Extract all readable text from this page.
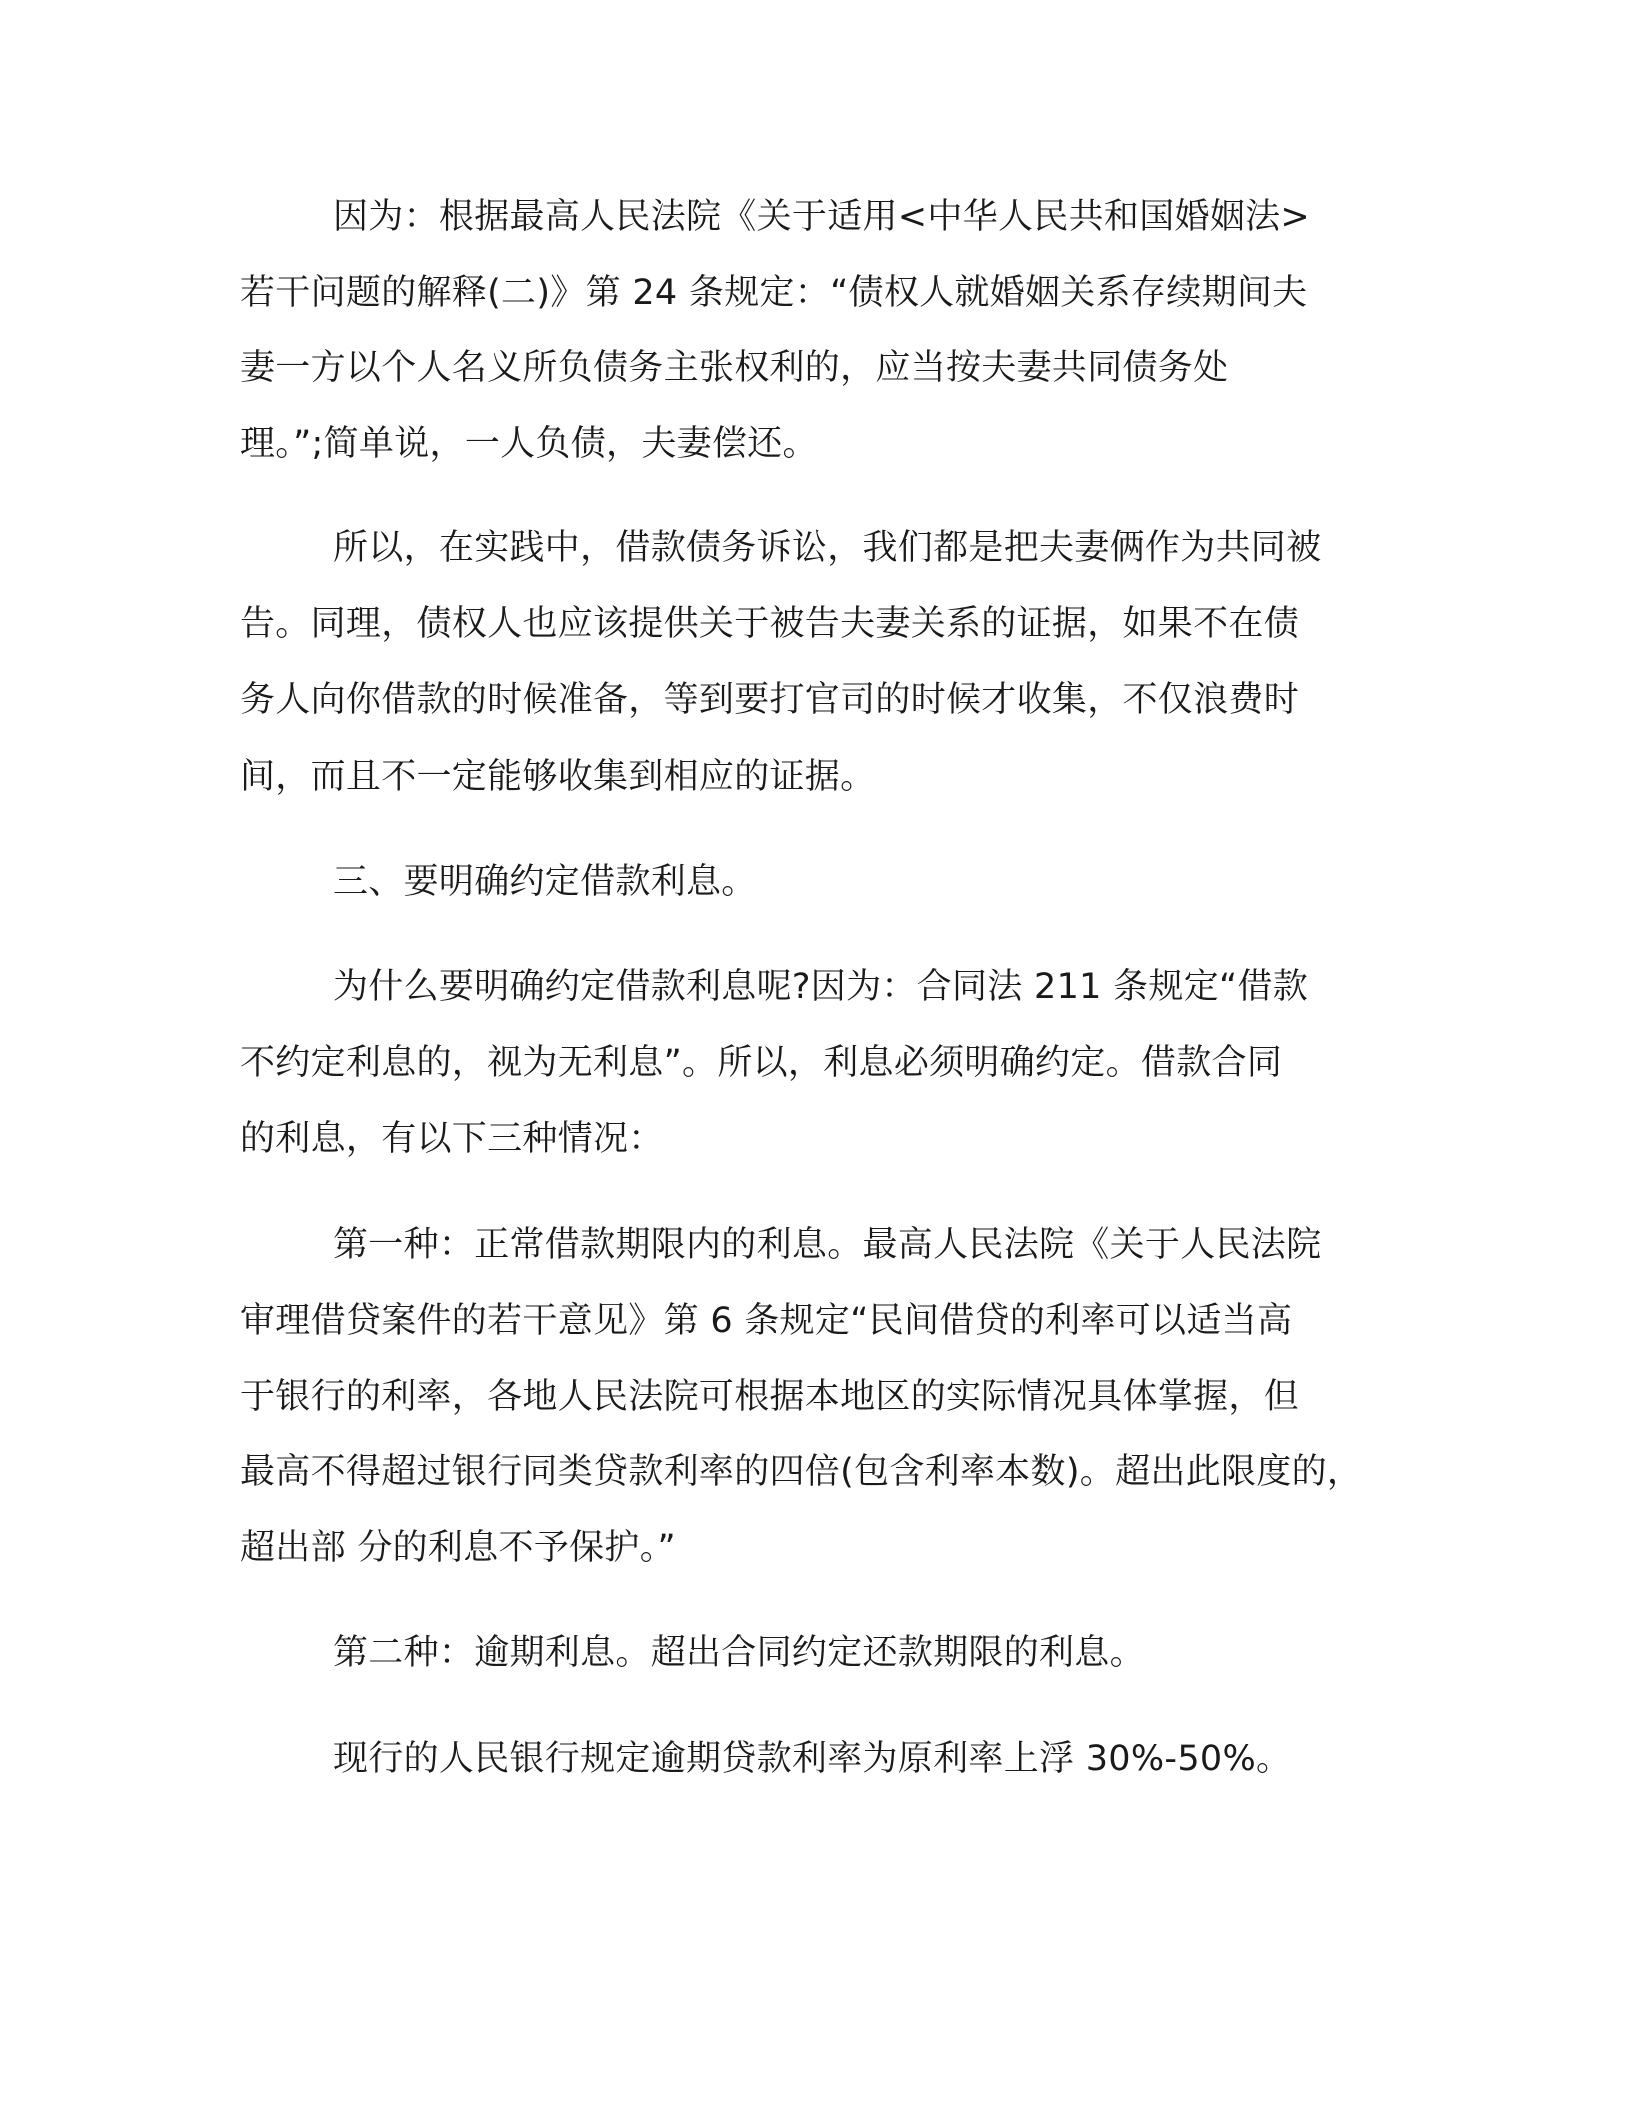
因为：根据最高人民法院《关于适用<中华人民共和国婚姻法>

若干问题的解释(二)》第 24 条规定：“债权人就婚姻关系存续期间夫

妻一方以个人名义所负债务主张权利的，应当按夫妻共同债务处

理。”;简单说，一人负债，夫妻偿还。

所以，在实践中，借款债务诉讼，我们都是把夫妻俩作为共同被

告。同理，债权人也应该提供关于被告夫妻关系的证据，如果不在债

务人向你借款的时候准备，等到要打官司的时候才收集，不仅浪费时

间，而且不一定能够收集到相应的证据。

三、要明确约定借款利息。

为什么要明确约定借款利息呢?因为：合同法 211 条规定“借款

不约定利息的，视为无利息”。所以，利息必须明确约定。借款合同

的利息，有以下三种情况：

第一种：正常借款期限内的利息。最高人民法院《关于人民法院

审理借贷案件的若干意见》第 6 条规定“民间借贷的利率可以适当高

于银行的利率，各地人民法院可根据本地区的实际情况具体掌握，但

最高不得超过银行同类贷款利率的四倍(包含利率本数)。超出此限度的，

超出部 分的利息不予保护。”

第二种：逾期利息。超出合同约定还款期限的利息。

现行的人民银行规定逾期贷款利率为原利率上浮 30%-50%。
